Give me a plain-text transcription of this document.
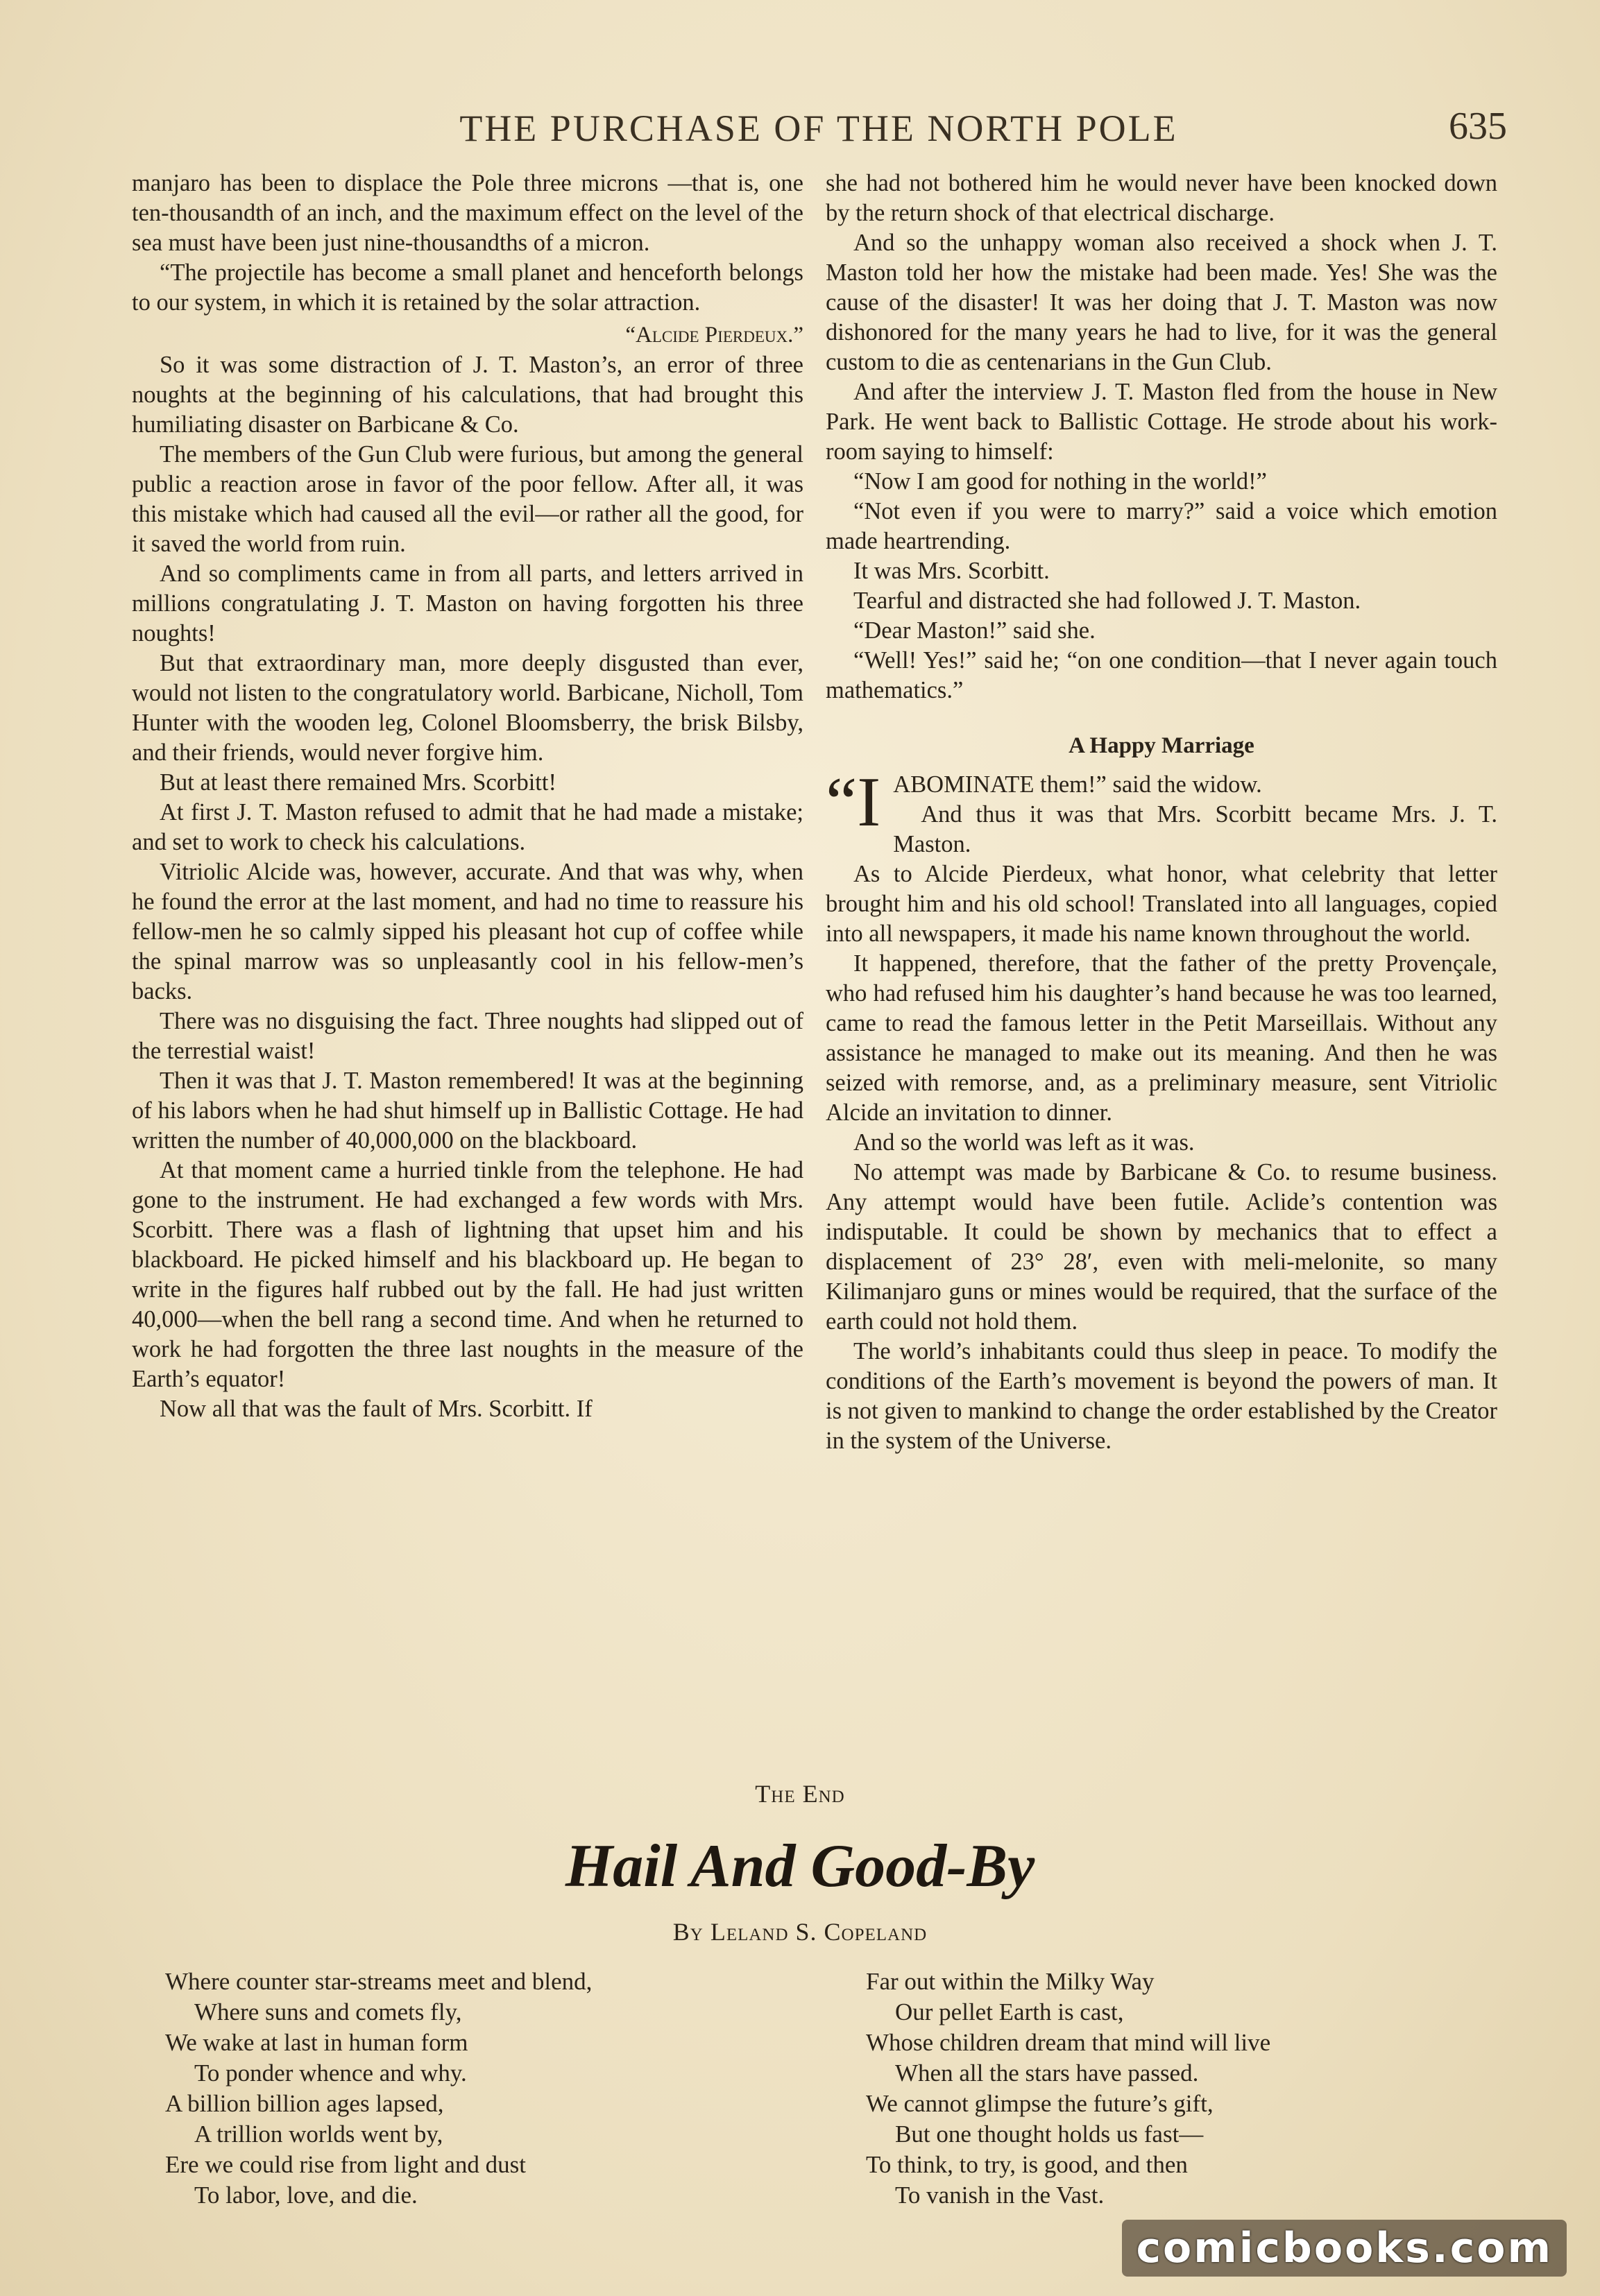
THE PURCHASE OF THE NORTH POLE	635

manjaro has been to displace the Pole three microns —that is, one ten-thousandth of an inch, and the maximum effect on the level of the sea must have been just nine-thousandths of a micron.

“The projectile has become a small planet and henceforth belongs to our system, in which it is retained by the solar attraction.

“Alcide Pierdeux.”

So it was some distraction of J. T. Maston’s, an error of three noughts at the beginning of his calculations, that had brought this humiliating disaster on Barbicane & Co.

The members of the Gun Club were furious, but among the general public a reaction arose in favor of the poor fellow. After all, it was this mistake which had caused all the evil—or rather all the good, for it saved the world from ruin.

And so compliments came in from all parts, and letters arrived in millions congratulating J. T. Maston on having forgotten his three noughts!

But that extraordinary man, more deeply disgusted than ever, would not listen to the congratulatory world. Barbicane, Nicholl, Tom Hunter with the wooden leg, Colonel Bloomsberry, the brisk Bilsby, and their friends, would never forgive him.

But at least there remained Mrs. Scorbitt!

At first J. T. Maston refused to admit that he had made a mistake; and set to work to check his calculations.

Vitriolic Alcide was, however, accurate. And that was why, when he found the error at the last moment, and had no time to reassure his fellow-men he so calmly sipped his pleasant hot cup of coffee while the spinal marrow was so unpleasantly cool in his fellow-men’s backs.

There was no disguising the fact. Three noughts had slipped out of the terrestial waist!

Then it was that J. T. Maston remembered! It was at the beginning of his labors when he had shut himself up in Ballistic Cottage. He had written the number of 40,000,000 on the blackboard.

At that moment came a hurried tinkle from the telephone. He had gone to the instrument. He had exchanged a few words with Mrs. Scorbitt. There was a flash of lightning that upset him and his blackboard. He picked himself and his blackboard up. He began to write in the figures half rubbed out by the fall. He had just written 40,000—when the bell rang a second time. And when he returned to work he had forgotten the three last noughts in the measure of the Earth’s equator!

Now all that was the fault of Mrs. Scorbitt. If

she had not bothered him he would never have been knocked down by the return shock of that electrical discharge.

And so the unhappy woman also received a shock when J. T. Maston told her how the mistake had been made. Yes! She was the cause of the disaster! It was her doing that J. T. Maston was now dishonored for the many years he had to live, for it was the general custom to die as centenarians in the Gun Club.

And after the interview J. T. Maston fled from the house in New Park. He went back to Ballistic Cottage. He strode about his work-room saying to himself:

“Now I am good for nothing in the world!”

“Not even if you were to marry?” said a voice which emotion made heartrending.

It was Mrs. Scorbitt.

Tearful and distracted she had followed J. T. Maston.

“Dear Maston!” said she.

“Well! Yes!” said he; “on one condition—that I never again touch mathematics.”

A Happy Marriage

“IABOMINATE them!” said the widow.
And thus it was that Mrs. Scorbitt became Mrs. J. T. Maston.

As to Alcide Pierdeux, what honor, what celebrity that letter brought him and his old school! Translated into all languages, copied into all newspapers, it made his name known throughout the world.

It happened, therefore, that the father of the pretty Provençale, who had refused him his daughter’s hand because he was too learned, came to read the famous letter in the Petit Marseillais. Without any assistance he managed to make out its meaning. And then he was seized with remorse, and, as a preliminary measure, sent Vitriolic Alcide an invitation to dinner.

And so the world was left as it was.

No attempt was made by Barbicane & Co. to resume business. Any attempt would have been futile. Aclide’s contention was indisputable. It could be shown by mechanics that to effect a displacement of 23° 28′, even with meli-melonite, so many Kilimanjaro guns or mines would be required, that the surface of the earth could not hold them.

The world’s inhabitants could thus sleep in peace. To modify the conditions of the Earth’s movement is beyond the powers of man. It is not given to mankind to change the order established by the Creator in the system of the Universe.

The End
Hail And Good-By
By Leland S. Copeland
Where counter star-streams meet and blend,
Where suns and comets fly,
We wake at last in human form
To ponder whence and why.
A billion billion ages lapsed,
A trillion worlds went by,
Ere we could rise from light and dust
To labor, love, and die.
Far out within the Milky Way
Our pellet Earth is cast,
Whose children dream that mind will live
When all the stars have passed.
We cannot glimpse the future’s gift,
But one thought holds us fast—
To think, to try, is good, and then
To vanish in the Vast.
comicbooks.com
